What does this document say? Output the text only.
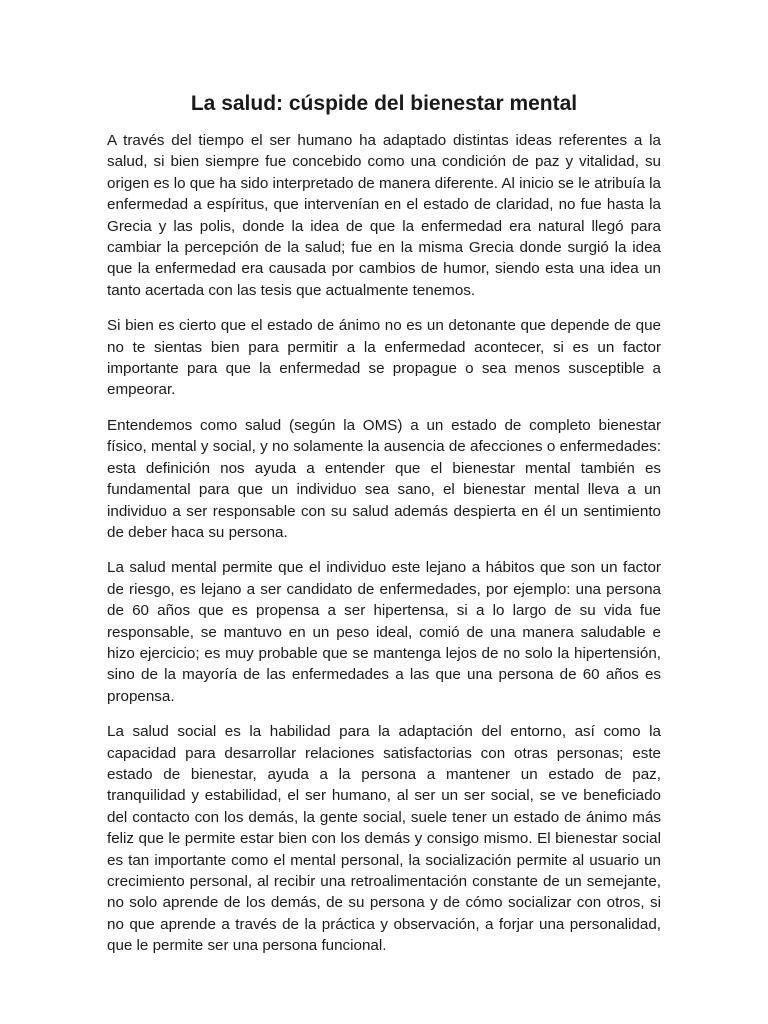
La salud: cúspide del bienestar mental

A través del tiempo el ser humano ha adaptado distintas ideas referentes a la salud, si bien siempre fue concebido como una condición de paz y vitalidad, su origen es lo que ha sido interpretado de manera diferente. Al inicio se le atribuía la enfermedad a espíritus, que intervenían en el estado de claridad, no fue hasta la Grecia y las polis, donde la idea de que la enfermedad era natural llegó para cambiar la percepción de la salud; fue en la misma Grecia donde surgió la idea que la enfermedad era causada por cambios de humor, siendo esta una idea un tanto acertada con las tesis que actualmente tenemos.

Si bien es cierto que el estado de ánimo no es un detonante que depende de que no te sientas bien para permitir a la enfermedad acontecer, si es un factor importante para que la enfermedad se propague o sea menos susceptible a empeorar.

Entendemos como salud (según la OMS) a un estado de completo bienestar físico, mental y social, y no solamente la ausencia de afecciones o enfermedades: esta definición nos ayuda a entender que el bienestar mental también es fundamental para que un individuo sea sano, el bienestar mental lleva a un individuo a ser responsable con su salud además despierta en él un sentimiento de deber haca su persona.

La salud mental permite que el individuo este lejano a hábitos que son un factor de riesgo, es lejano a ser candidato de enfermedades, por ejemplo: una persona de 60 años que es propensa a ser hipertensa, si a lo largo de su vida fue responsable, se mantuvo en un peso ideal, comió de una manera saludable e hizo ejercicio; es muy probable que se mantenga lejos de no solo la hipertensión, sino de la mayoría de las enfermedades a las que una persona de 60 años es propensa.

La salud social es la habilidad para la adaptación del entorno, así como la capacidad para desarrollar relaciones satisfactorias con otras personas; este estado de bienestar, ayuda a la persona a mantener un estado de paz, tranquilidad y estabilidad, el ser humano, al ser un ser social, se ve beneficiado del contacto con los demás, la gente social, suele tener un estado de ánimo más feliz que le permite estar bien con los demás y consigo mismo. El bienestar social es tan importante como el mental personal, la socialización permite al usuario un crecimiento personal, al recibir una retroalimentación constante de un semejante, no solo aprende de los demás, de su persona y de cómo socializar con otros, si no que aprende a través de la práctica y observación, a forjar una personalidad, que le permite ser una persona funcional.
